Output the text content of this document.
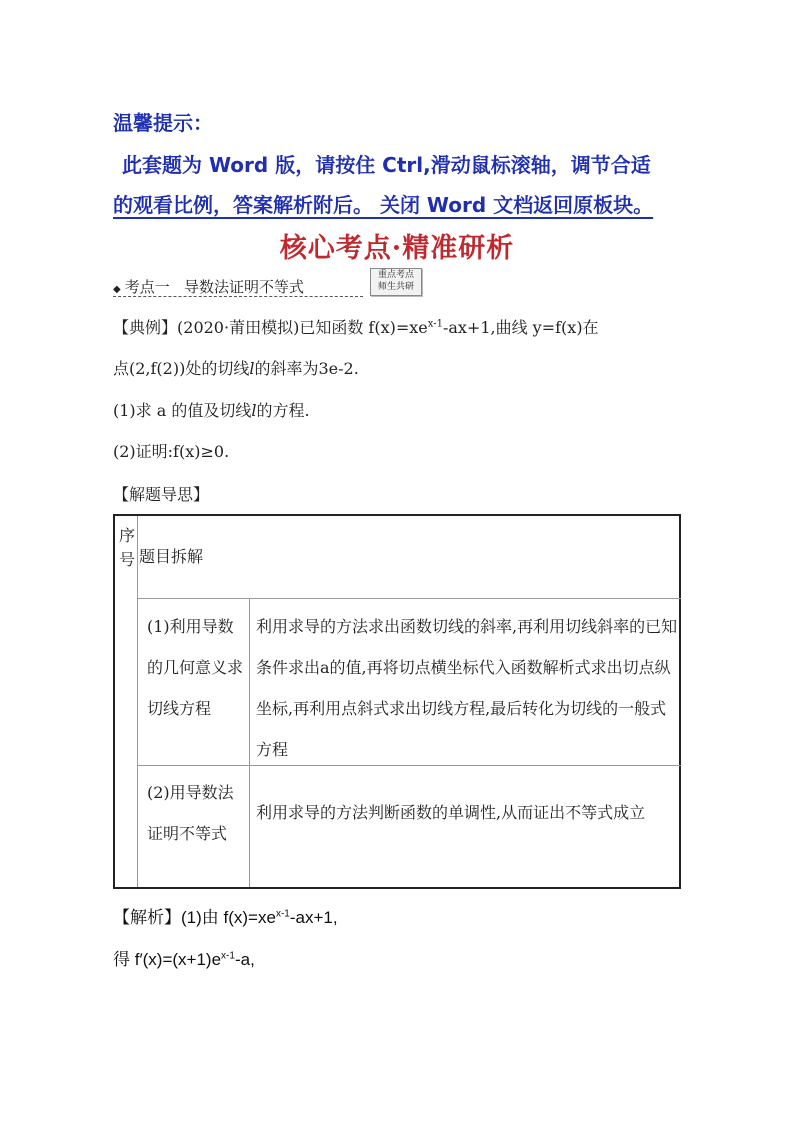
温馨提示：
此套题为 Word 版，请按住 Ctrl,滑动鼠标滚轴，调节合适
的观看比例，答案解析附后。 关闭 Word 文档返回原板块。
核心考点·精准研析
◆ 考点一 导数法证明不等式
重点考点
师生共研
【典例】(2020·莆田模拟)已知函数 $f(x)=xe^{x-1}-ax+1$,曲线 y=f(x)在
点(2,f(2))处的切线l的斜率为3e-2.
(1)求 a 的值及切线l的方程.
(2)证明:f(x)≥0.
【解题导思】
序号 题目拆解
(1)利用导数的几何意义求切线方程
利用求导的方法求出函数切线的斜率,再利用切线斜率的已知条件求出a的值,再将切点横坐标代入函数解析式求出切点纵坐标,再利用点斜式求出切线方程,最后转化为切线的一般式方程
(2)用导数法证明不等式
利用求导的方法判断函数的单调性,从而证出不等式成立
【解析】(1)由 $f(x)=xe^{x-1}-ax+1$,
得 $f'(x)=(x+1)e^{x-1}-a$,
